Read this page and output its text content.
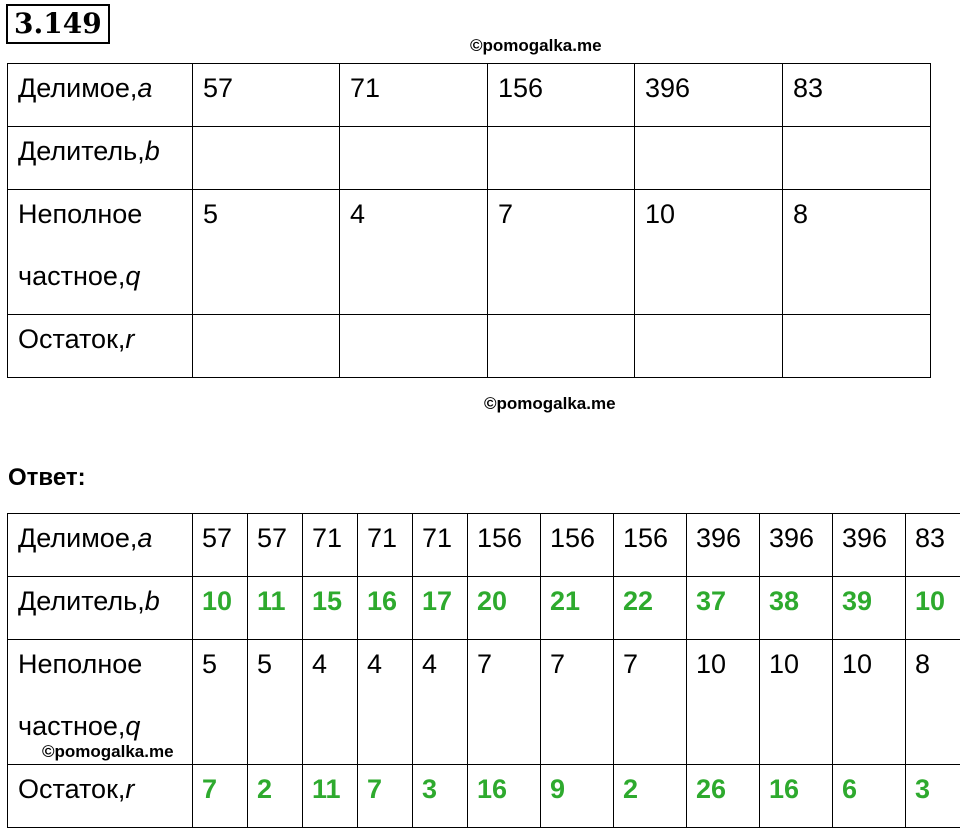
3.149
©pomogalka.me
Делимое,a	57	71	156	396	83
Делитель,b					

Неполное
частное,q	5	4	7	10	8
Остаток,r					
©pomogalka.me
Ответ:
Делимое,a	57	57	71	71	71	156	156	156	396	396	396	83
Делитель,b	10	11	15	16	17	20	21	22	37	38	39	10

Неполное
частное,q	5	5	4	4	4	7	7	7	10	10	10	8
Остаток,r	7	2	11	7	3	16	9	2	26	16	6	3
©pomogalka.me
